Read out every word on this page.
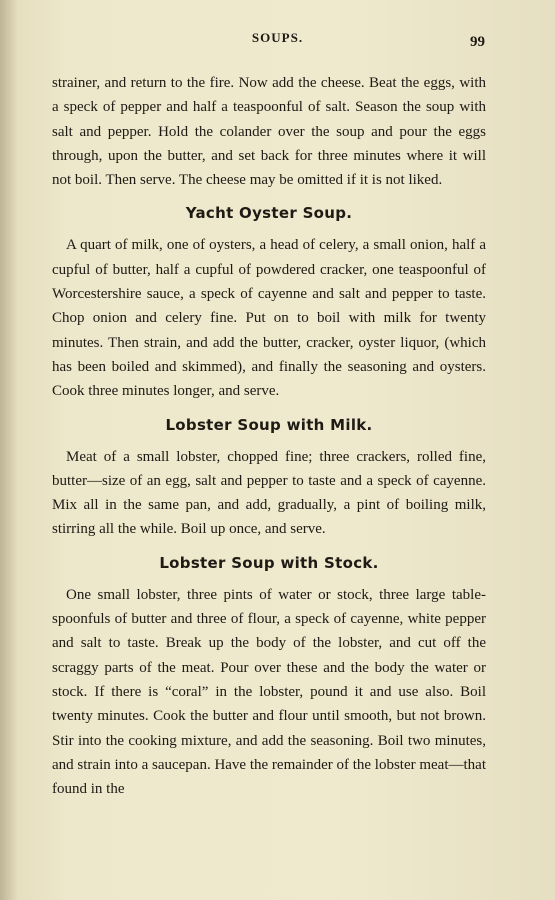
SOUPS.	99

strainer, and return to the fire. Now add the cheese. Beat the eggs, with a speck of pepper and half a teaspoonful of salt. Season the soup with salt and pepper. Hold the colander over the soup and pour the eggs through, upon the butter, and set back for three minutes where it will not boil. Then serve. The cheese may be omitted if it is not liked.

Yacht Oyster Soup.

A quart of milk, one of oysters, a head of celery, a small onion, half a cupful of butter, half a cupful of powdered cracker, one teaspoonful of Worcestershire sauce, a speck of cayenne and salt and pepper to taste. Chop onion and celery fine. Put on to boil with milk for twenty minutes. Then strain, and add the butter, cracker, oyster liquor, (which has been boiled and skimmed), and finally the seasoning and oysters. Cook three minutes longer, and serve.

Lobster Soup with Milk.

Meat of a small lobster, chopped fine; three crackers, rolled fine, butter—size of an egg, salt and pepper to taste and a speck of cayenne. Mix all in the same pan, and add, gradually, a pint of boiling milk, stirring all the while. Boil up once, and serve.

Lobster Soup with Stock.

One small lobster, three pints of water or stock, three large table-spoonfuls of butter and three of flour, a speck of cayenne, white pepper and salt to taste. Break up the body of the lobster, and cut off the scraggy parts of the meat. Pour over these and the body the water or stock. If there is “coral” in the lobster, pound it and use also. Boil twenty minutes. Cook the butter and flour until smooth, but not brown. Stir into the cooking mixture, and add the seasoning. Boil two minutes, and strain into a saucepan. Have the remainder of the lobster meat—that found in the
